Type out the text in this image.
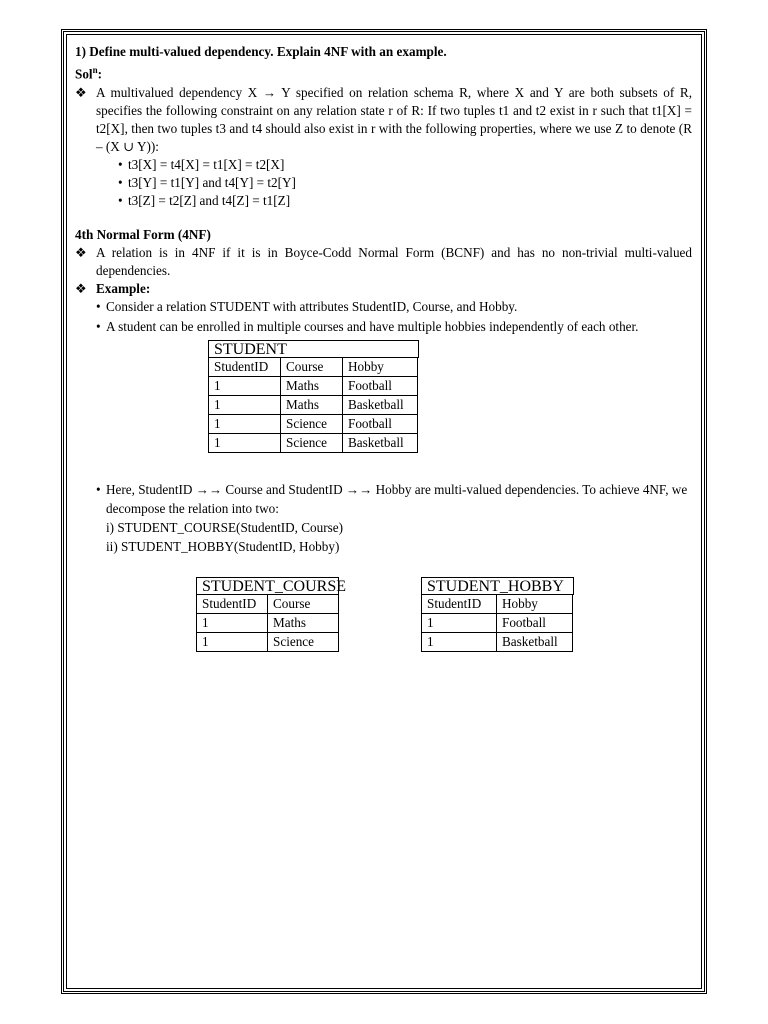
1) Define multi-valued dependency. Explain 4NF with an example.

Sol$^n$:

❖ A multivalued dependency X → Y specified on relation schema R, where X and Y are both subsets of R, specifies the following constraint on any relation state r of R: If two tuples t1 and t2 exist in r such that t1[X] = t2[X], then two tuples t3 and t4 should also exist in r with the following properties, where we use Z to denote (R – (X ∪ Y)):

• t3[X] = t4[X] = t1[X] = t2[X]
• t3[Y] = t1[Y] and t4[Y] = t2[Y]
• t3[Z] = t2[Z] and t4[Z] = t1[Z]
4th Normal Form (4NF)

❖ A relation is in 4NF if it is in Boyce-Codd Normal Form (BCNF) and has no non-trivial multi-valued dependencies.

❖ Example:

• Consider a relation STUDENT with attributes StudentID, Course, and Hobby.
• A student can be enrolled in multiple courses and have multiple hobbies independently of each other.
STUDENT
StudentID	Course	Hobby
1	Maths	Football
1	Maths	Basketball
1	Science	Football
1	Science	Basketball
• Here, StudentID →→ Course and StudentID →→ Hobby are multi-valued dependencies. To achieve 4NF, we decompose the relation into two:

i) STUDENT_COURSE(StudentID, Course)

ii) STUDENT_HOBBY(StudentID, Hobby)

STUDENT_COURSE
StudentID	Course
1	Maths
1	Science
STUDENT_HOBBY
StudentID	Hobby
1	Football
1	Basketball
